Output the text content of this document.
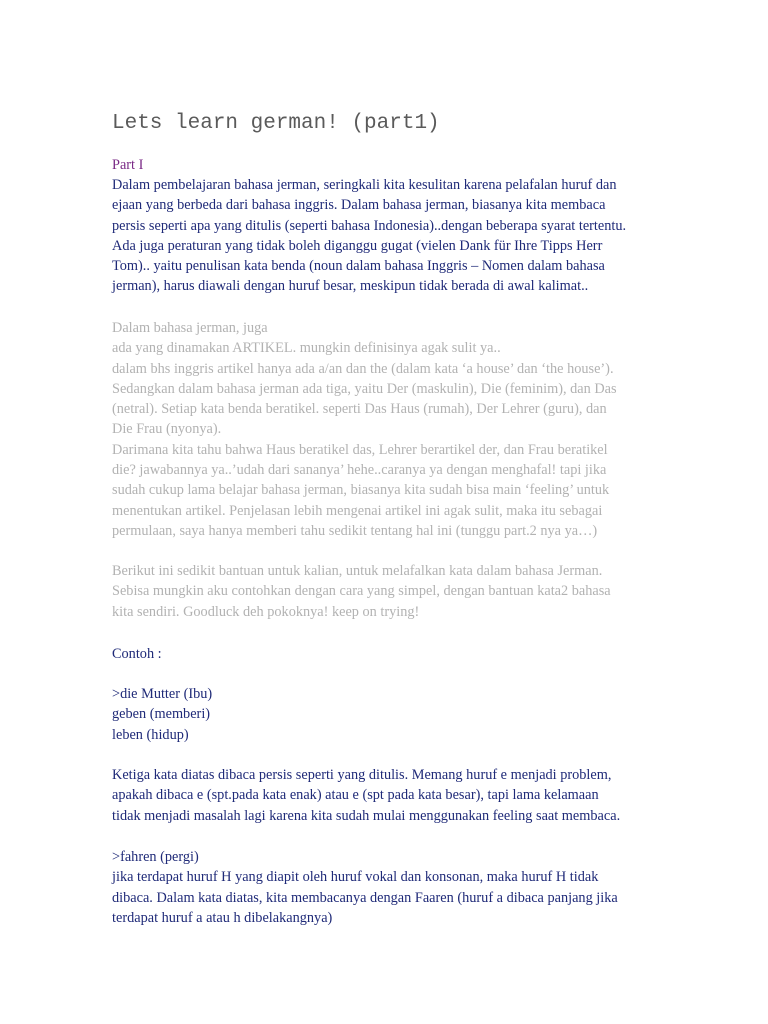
Lets learn german! (part1)
Part I
Dalam pembelajaran bahasa jerman, seringkali kita kesulitan karena pelafalan huruf dan
ejaan yang berbeda dari bahasa inggris. Dalam bahasa jerman, biasanya kita membaca
persis seperti apa yang ditulis (seperti bahasa Indonesia)..dengan beberapa syarat tertentu.
Ada juga peraturan yang tidak boleh diganggu gugat (vielen Dank für Ihre Tipps Herr
Tom).. yaitu penulisan kata benda (noun dalam bahasa Inggris – Nomen dalam bahasa
jerman), harus diawali dengan huruf besar, meskipun tidak berada di awal kalimat..
Dalam bahasa jerman, juga
ada yang dinamakan ARTIKEL. mungkin definisinya agak sulit ya..
dalam bhs inggris artikel hanya ada a/an dan the (dalam kata ‘a house’ dan ‘the house’).
Sedangkan dalam bahasa jerman ada tiga, yaitu Der (maskulin), Die (feminim), dan Das
(netral). Setiap kata benda beratikel. seperti Das Haus (rumah), Der Lehrer (guru), dan
Die Frau (nyonya).
Darimana kita tahu bahwa Haus beratikel das, Lehrer berartikel der, dan Frau beratikel
die? jawabannya ya..’udah dari sananya’ hehe..caranya ya dengan menghafal! tapi jika
sudah cukup lama belajar bahasa jerman, biasanya kita sudah bisa main ‘feeling’ untuk
menentukan artikel. Penjelasan lebih mengenai artikel ini agak sulit, maka itu sebagai
permulaan, saya hanya memberi tahu sedikit tentang hal ini (tunggu part.2 nya ya…)
Berikut ini sedikit bantuan untuk kalian, untuk melafalkan kata dalam bahasa Jerman.
Sebisa mungkin aku contohkan dengan cara yang simpel, dengan bantuan kata2 bahasa
kita sendiri. Goodluck deh pokoknya! keep on trying!
Contoh :
>die Mutter (Ibu)
geben (memberi)
leben (hidup)
Ketiga kata diatas dibaca persis seperti yang ditulis. Memang huruf e menjadi problem,
apakah dibaca e (spt.pada kata enak) atau e (spt pada kata besar), tapi lama kelamaan
tidak menjadi masalah lagi karena kita sudah mulai menggunakan feeling saat membaca.
>fahren (pergi)
jika terdapat huruf H yang diapit oleh huruf vokal dan konsonan, maka huruf H tidak
dibaca. Dalam kata diatas, kita membacanya dengan Faaren (huruf a dibaca panjang jika
terdapat huruf a atau h dibelakangnya)
